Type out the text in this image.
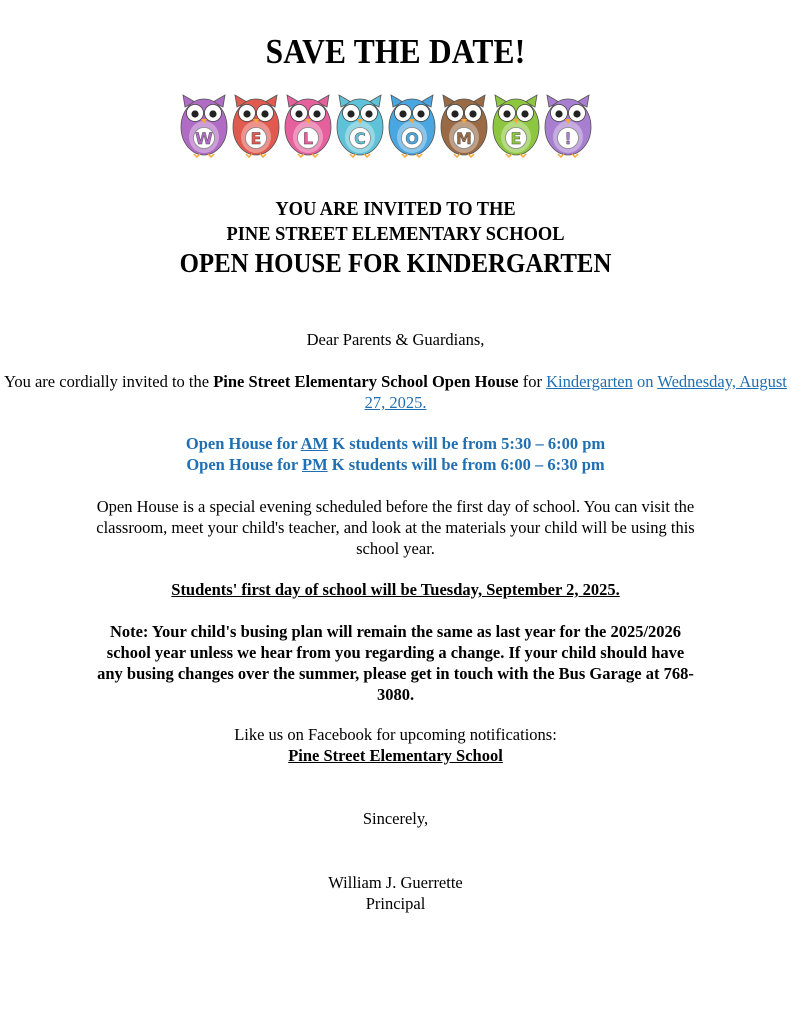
SAVE THE DATE!
W E	L	C O M E	!
YOU ARE INVITED TO THE
PINE STREET ELEMENTARY SCHOOL
OPEN HOUSE FOR KINDERGARTEN
Dear Parents & Guardians,
You are cordially invited to the Pine Street Elementary School Open House for Kindergarten on Wednesday, August 27, 2025.
Open House for AM K students will be from 5:30 – 6:00 pm
Open House for PM K students will be from 6:00 – 6:30 pm
Open House is a special evening scheduled before the first day of school. You can visit the classroom, meet your child's teacher, and look at the materials your child will be using this school year.
Students' first day of school will be Tuesday, September 2, 2025.
Note: Your child's busing plan will remain the same as last year for the 2025/2026 school year unless we hear from you regarding a change. If your child should have any busing changes over the summer, please get in touch with the Bus Garage at 768-3080.
Like us on Facebook for upcoming notifications:
Pine Street Elementary School
Sincerely,
William J. Guerrette
Principal
